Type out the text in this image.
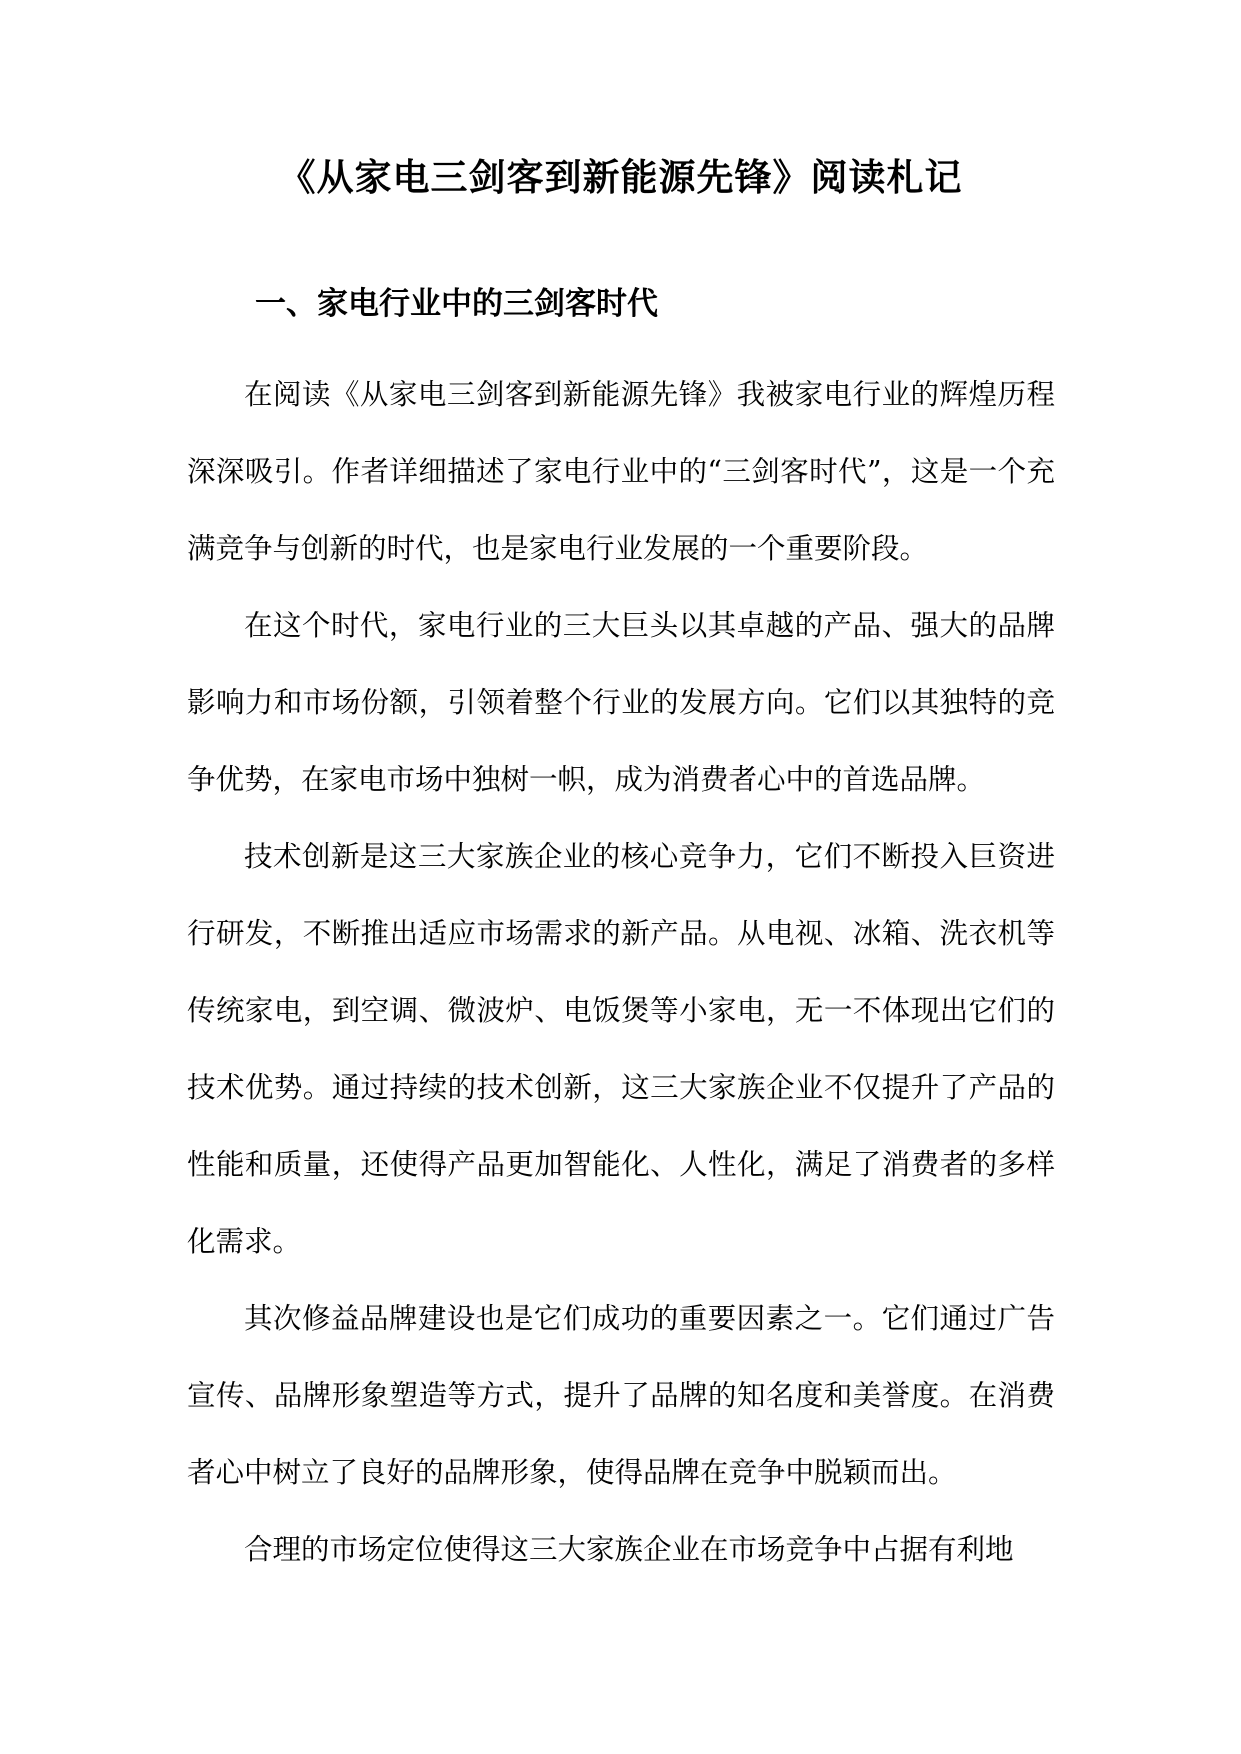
《从家电三剑客到新能源先锋》阅读札记
一、家电行业中的三剑客时代

在阅读《从家电三剑客到新能源先锋》我被家电行业的辉煌历程深深吸引。作者详细描述了家电行业中的“三剑客时代”，这是一个充满竞争与创新的时代，也是家电行业发展的一个重要阶段。

在这个时代，家电行业的三大巨头以其卓越的产品、强大的品牌影响力和市场份额，引领着整个行业的发展方向。它们以其独特的竞争优势，在家电市场中独树一帜，成为消费者心中的首选品牌。

技术创新是这三大家族企业的核心竞争力，它们不断投入巨资进行研发，不断推出适应市场需求的新产品。从电视、冰箱、洗衣机等传统家电，到空调、微波炉、电饭煲等小家电，无一不体现出它们的技术优势。通过持续的技术创新，这三大家族企业不仅提升了产品的性能和质量，还使得产品更加智能化、人性化，满足了消费者的多样化需求。

其次修益品牌建设也是它们成功的重要因素之一。它们通过广告宣传、品牌形象塑造等方式，提升了品牌的知名度和美誉度。在消费者心中树立了良好的品牌形象，使得品牌在竞争中脱颖而出。

合理的市场定位使得这三大家族企业在市场竞争中占据有利地
